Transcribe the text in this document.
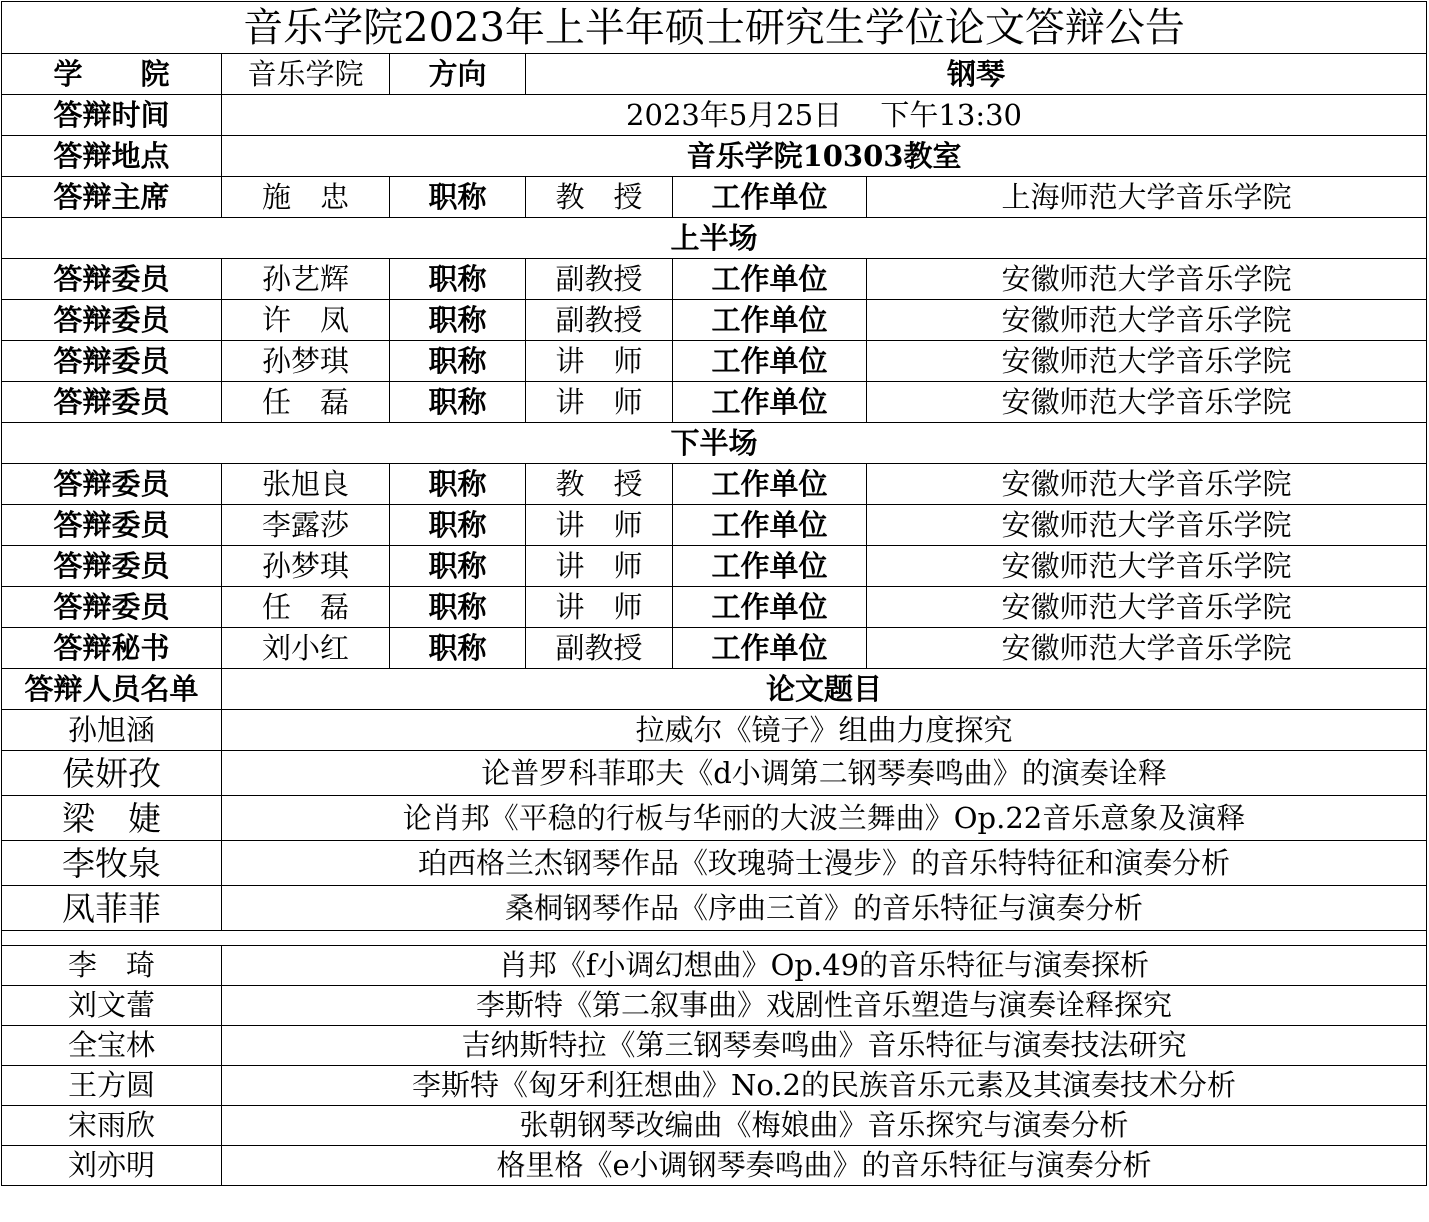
音乐学院2023年上半年硕士研究生学位论文答辩公告					
学　　院	音乐学院	方向	钢琴		
答辩时间	2023年5月25日　 下午13:30				
答辩地点	音乐学院10303教室				
答辩主席	施　忠	职称	教　授	工作单位	上海师范大学音乐学院
上半场					
答辩委员	孙艺辉	职称	副教授	工作单位	安徽师范大学音乐学院
答辩委员	许　凤	职称	副教授	工作单位	安徽师范大学音乐学院
答辩委员	孙梦琪	职称	讲　师	工作单位	安徽师范大学音乐学院
答辩委员	任　磊	职称	讲　师	工作单位	安徽师范大学音乐学院
下半场					
答辩委员	张旭良	职称	教　授	工作单位	安徽师范大学音乐学院
答辩委员	李露莎	职称	讲　师	工作单位	安徽师范大学音乐学院
答辩委员	孙梦琪	职称	讲　师	工作单位	安徽师范大学音乐学院
答辩委员	任　磊	职称	讲　师	工作单位	安徽师范大学音乐学院
答辩秘书	刘小红	职称	副教授	工作单位	安徽师范大学音乐学院
答辩人员名单	论文题目				
孙旭涵	拉威尔《镜子》组曲力度探究				
侯妍孜	论普罗科菲耶夫《d小调第二钢琴奏鸣曲》的演奏诠释				
梁　婕	论肖邦《平稳的行板与华丽的大波兰舞曲》Op.22音乐意象及演释				
李牧泉	珀西格兰杰钢琴作品《玫瑰骑士漫步》的音乐特特征和演奏分析				
凤菲菲	桑桐钢琴作品《序曲三首》的音乐特征与演奏分析				

李　琦	肖邦《f小调幻想曲》Op.49的音乐特征与演奏探析				
刘文蕾	李斯特《第二叙事曲》戏剧性音乐塑造与演奏诠释探究				
全宝林	吉纳斯特拉《第三钢琴奏鸣曲》音乐特征与演奏技法研究				
王方圆	李斯特《匈牙利狂想曲》No.2的民族音乐元素及其演奏技术分析				
宋雨欣	张朝钢琴改编曲《梅娘曲》音乐探究与演奏分析				
刘亦明	格里格《e小调钢琴奏鸣曲》的音乐特征与演奏分析				
